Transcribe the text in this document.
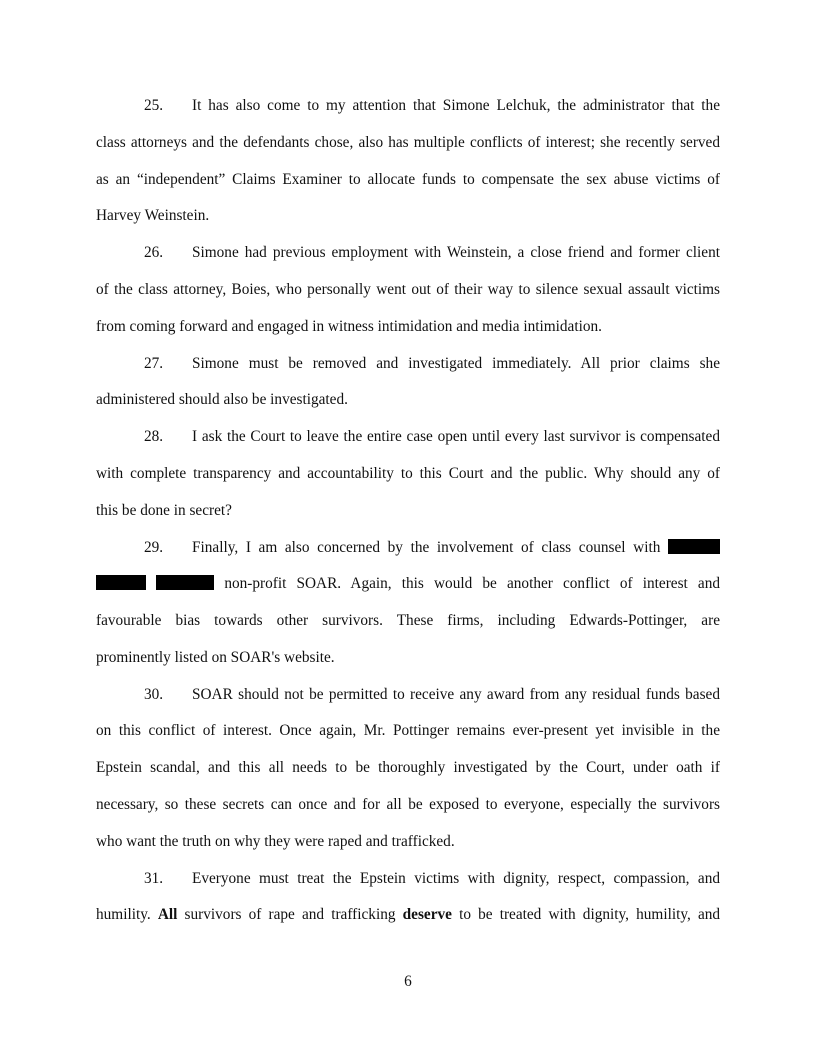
25. It has also come to my attention that Simone Lelchuk, the administrator that the
class attorneys and the defendants chose, also has multiple conflicts of interest; she recently served
as an “independent” Claims Examiner to allocate funds to compensate the sex abuse victims of
Harvey Weinstein.
26. Simone had previous employment with Weinstein, a close friend and former client
of the class attorney, Boies, who personally went out of their way to silence sexual assault victims
from coming forward and engaged in witness intimidation and media intimidation.
27. Simone must be removed and investigated immediately. All prior claims she
administered should also be investigated.
28. I ask the Court to leave the entire case open until every last survivor is compensated
with complete transparency and accountability to this Court and the public. Why should any of
this be done in secret?
29. Finally, I am also concerned by the involvement of class counsel with
non-profit SOAR. Again, this would be another conflict of interest and
favourable bias towards other survivors. These firms, including Edwards-Pottinger, are
prominently listed on SOAR's website.
30. SOAR should not be permitted to receive any award from any residual funds based
on this conflict of interest. Once again, Mr. Pottinger remains ever-present yet invisible in the
Epstein scandal, and this all needs to be thoroughly investigated by the Court, under oath if
necessary, so these secrets can once and for all be exposed to everyone, especially the survivors
who want the truth on why they were raped and trafficked.
31. Everyone must treat the Epstein victims with dignity, respect, compassion, and
humility. All survivors of rape and trafficking deserve to be treated with dignity, humility, and
6
